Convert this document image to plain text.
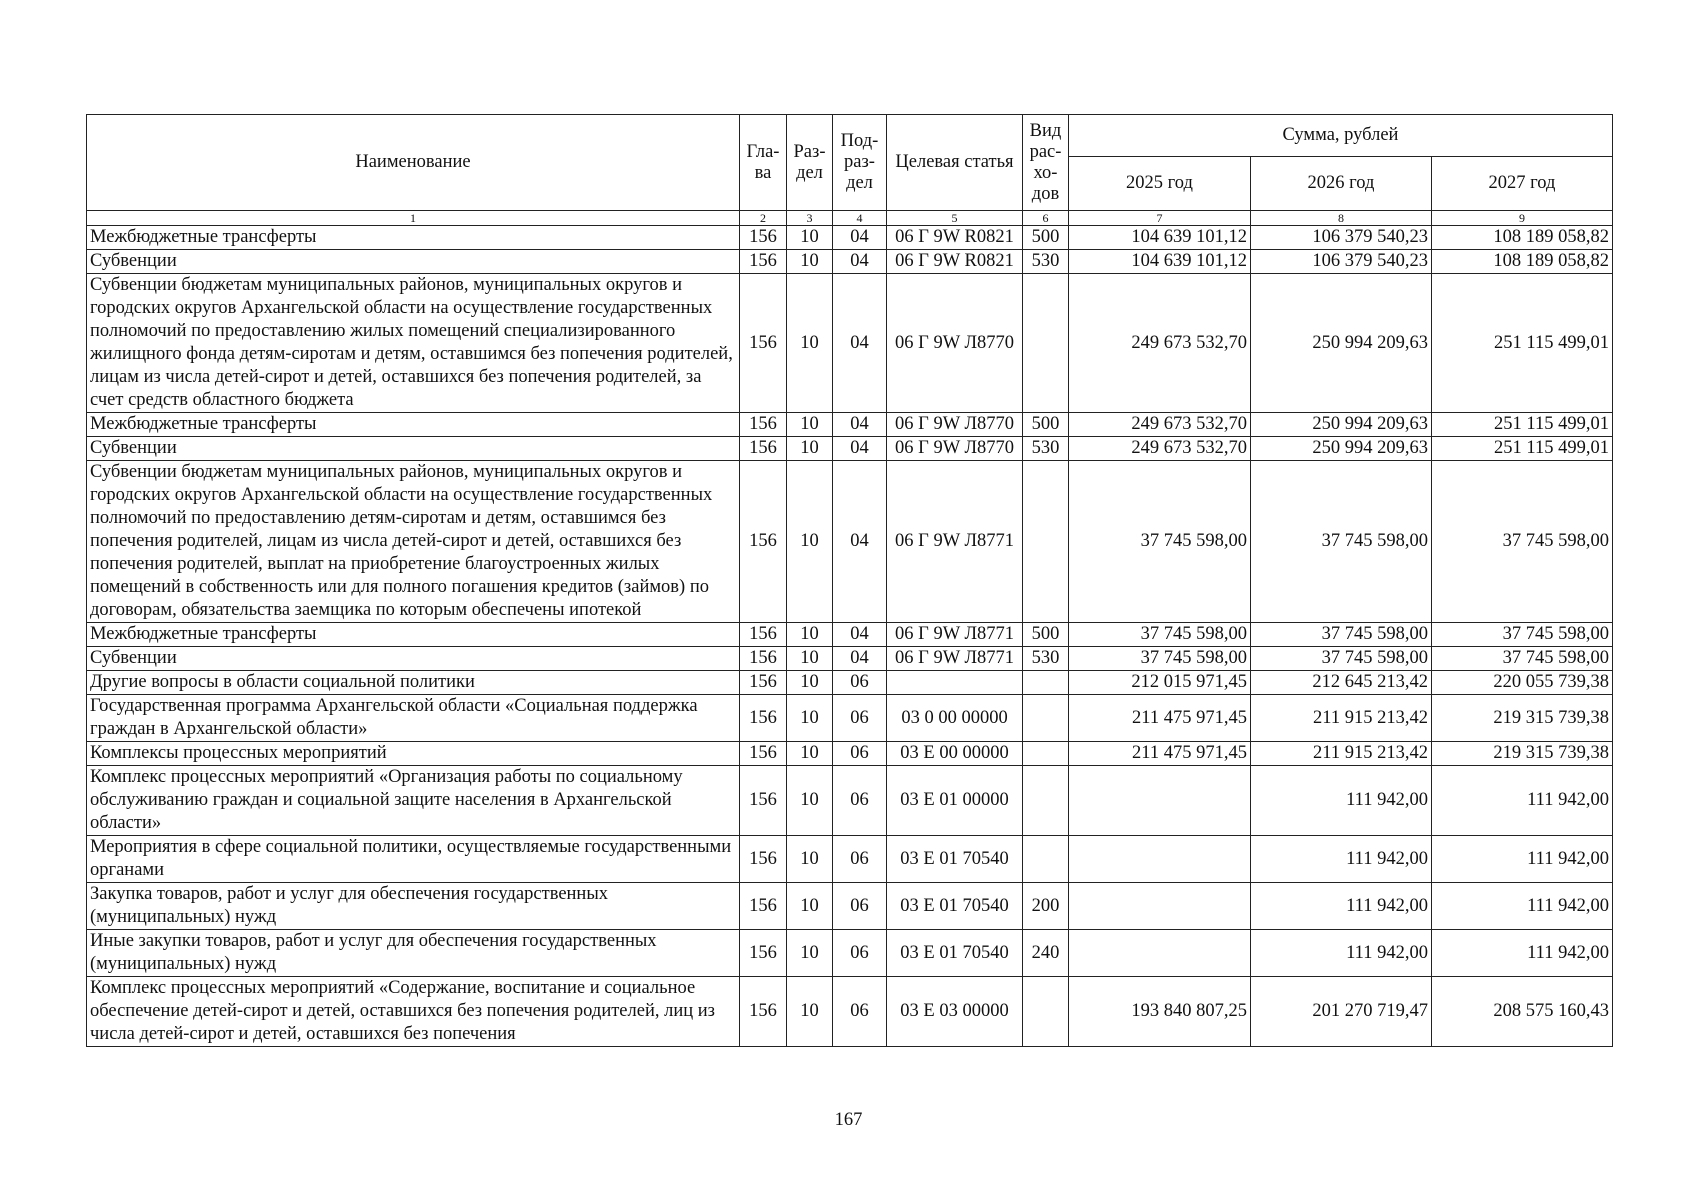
Наименование	Гла-ва	Раз-дел	Под-раз-дел	Целевая статья	Вид рас-хо-дов	Сумма, рублей		
						2025 год	2026 год	2027 год
1	2	3	4	5	6	7	8	9
Межбюджетные трансферты	156	10	04	06 Г 9W R0821	500	104 639 101,12	106 379 540,23	108 189 058,82
Субвенции	156	10	04	06 Г 9W R0821	530	104 639 101,12	106 379 540,23	108 189 058,82
Субвенции бюджетам муниципальных районов, муниципальных округов и городских округов Архангельской области на осуществление государственных полномочий по предоставлению жилых помещений специализированного жилищного фонда детям-сиротам и детям, оставшимся без попечения родителей, лицам из числа детей-сирот и детей, оставшихся без попечения родителей, за счет средств областного бюджета	156	10	04	06 Г 9W Л8770		249 673 532,70	250 994 209,63	251 115 499,01
Межбюджетные трансферты	156	10	04	06 Г 9W Л8770	500	249 673 532,70	250 994 209,63	251 115 499,01
Субвенции	156	10	04	06 Г 9W Л8770	530	249 673 532,70	250 994 209,63	251 115 499,01
Субвенции бюджетам муниципальных районов, муниципальных округов и городских округов Архангельской области на осуществление государственных полномочий по предоставлению детям-сиротам и детям, оставшимся без попечения родителей, лицам из числа детей-сирот и детей, оставшихся без попечения родителей, выплат на приобретение благоустроенных жилых помещений в собственность или для полного погашения кредитов (займов) по договорам, обязательства заемщика по которым обеспечены ипотекой	156	10	04	06 Г 9W Л8771		37 745 598,00	37 745 598,00	37 745 598,00
Межбюджетные трансферты	156	10	04	06 Г 9W Л8771	500	37 745 598,00	37 745 598,00	37 745 598,00
Субвенции	156	10	04	06 Г 9W Л8771	530	37 745 598,00	37 745 598,00	37 745 598,00
Другие вопросы в области социальной политики	156	10	06			212 015 971,45	212 645 213,42	220 055 739,38
Государственная программа Архангельской области «Социальная поддержка граждан в Архангельской области»	156	10	06	03 0 00 00000		211 475 971,45	211 915 213,42	219 315 739,38
Комплексы процессных мероприятий	156	10	06	03 Е 00 00000		211 475 971,45	211 915 213,42	219 315 739,38
Комплекс процессных мероприятий «Организация работы по социальному обслуживанию граждан и социальной защите населения в Архангельской области»	156	10	06	03 Е 01 00000			111 942,00	111 942,00
Мероприятия в сфере социальной политики, осуществляемые государственными органами	156	10	06	03 Е 01 70540			111 942,00	111 942,00
Закупка товаров, работ и услуг для обеспечения государственных (муниципальных) нужд	156	10	06	03 Е 01 70540	200		111 942,00	111 942,00
Иные закупки товаров, работ и услуг для обеспечения государственных (муниципальных) нужд	156	10	06	03 Е 01 70540	240		111 942,00	111 942,00
Комплекс процессных мероприятий «Содержание, воспитание и социальное обеспечение детей-сирот и детей, оставшихся без попечения родителей, лиц из числа детей-сирот и детей, оставшихся без попечения	156	10	06	03 Е 03 00000		193 840 807,25	201 270 719,47	208 575 160,43
167
